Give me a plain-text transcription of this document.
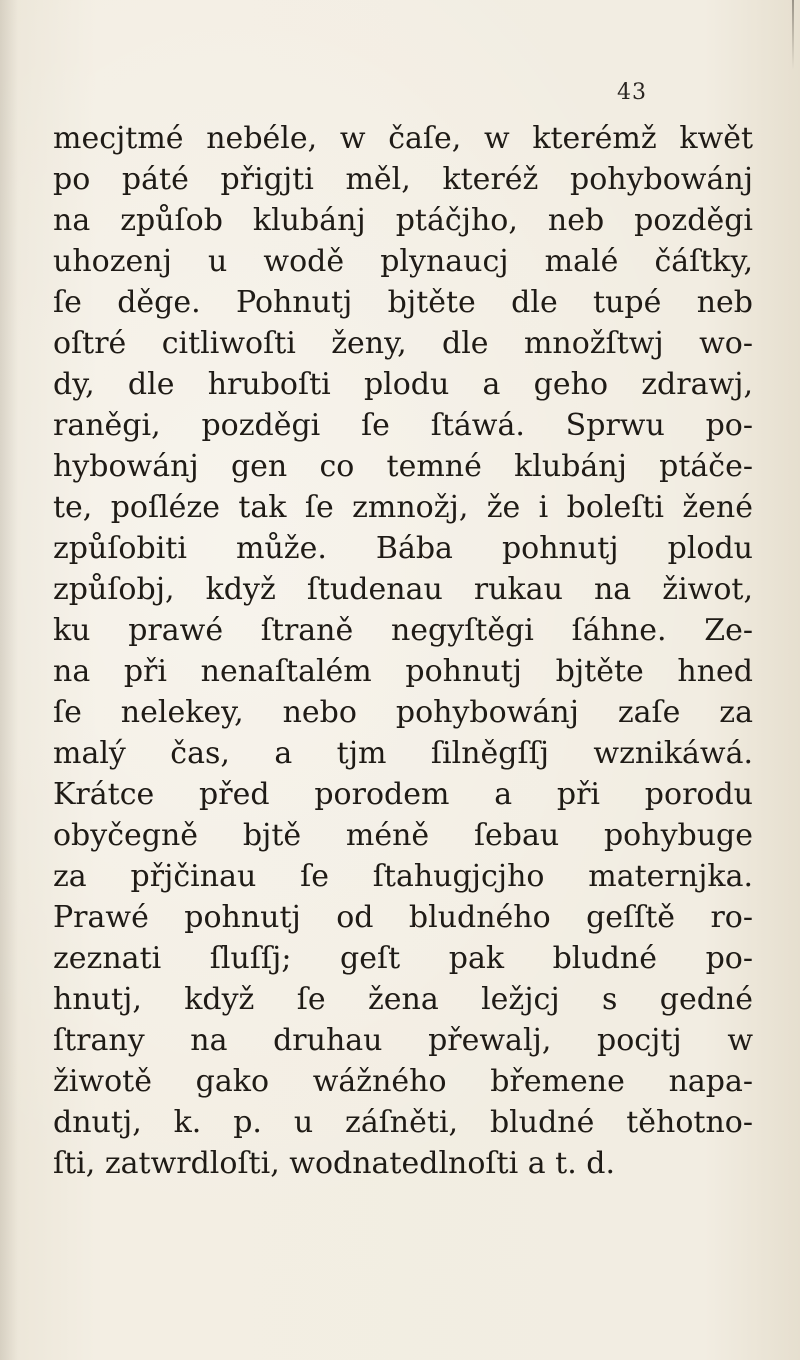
43
mecjtmé nebéle, w čaſe, w kterémž kwět
po páté přigjti měl, kteréž pohybowánj
na způſob klubánj ptáčjho, neb pozděgi
uhozenj u wodě plynaucj malé čáſtky,
ſe děge. Pohnutj bjtěte dle tupé neb
oſtré citliwoſti ženy, dle množſtwj wo-
dy, dle hruboſti plodu a geho zdrawj,
raněgi, pozděgi ſe ſtáwá. Sprwu po-
hybowánj gen co temné klubánj ptáče-
te, poſléze tak ſe zmnožj, že i boleſti žené
způſobiti může. Bába pohnutj plodu
způſobj, když ſtudenau rukau na žiwot,
ku prawé ſtraně negyſtěgi ſáhne. Ze-
na při nenaſtalém pohnutj bjtěte hned
ſe nelekey, nebo pohybowánj zaſe za
malý čas, a tjm ſilněgſſj wznikáwá.
Krátce před porodem a při porodu
obyčegně bjtě méně ſebau pohybuge
za přjčinau ſe ſtahugjcjho maternjka.
Prawé pohnutj od bludného geſſtě ro-
zeznati ſluſſj; geſt pak bludné po-
hnutj, když ſe žena ležjcj s gedné
ſtrany na druhau přewalj, pocjtj w
žiwotě gako wážného břemene napa-
dnutj, k. p. u záſněti, bludné těhotno-
ſti, zatwrdloſti, wodnatedlnoſti a t. d.
